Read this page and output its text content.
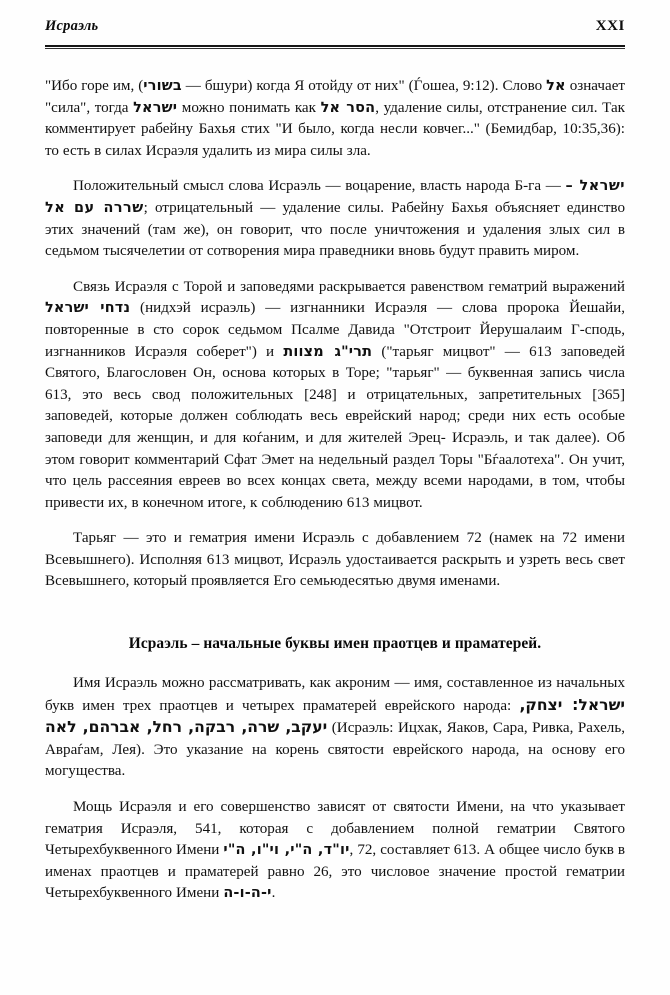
Исраэль	XXI

"Ибо горе им, (בשורי — бшури) когда Я отойду от них" (Ѓошеа, 9:12). Слово אל означает "сила", тогда ישראל можно понимать как הסר אל, удаление силы, отстранение сил. Так комментирует рабейну Бахья стих "И было, когда несли ковчег..." (Бемидбар, 10:35,36): то есть в силах Исраэля удалить из мира силы зла.

Положительный смысл слова Исраэль — воцарение, власть народа Б-га — ישראל – שררה עם אל; отрицательный — удаление силы. Рабейну Бахья объясняет единство этих значений (там же), он говорит, что после уничтожения и удаления злых сил в седьмом тысячелетии от сотворения мира праведники вновь будут править миром.

Связь Исраэля с Торой и заповедями раскрывается равенством гематрий выражений נדחי ישראל (нидхэй исраэль) — изгнанники Исраэля — слова пророка Йешайи, повторенные в сто сорок седьмом Псалме Давида "Отстроит Йерушалаим Г-сподь, изгнанников Исраэля соберет") и תרי"ג מצוות ("тарьяг мицвот" — 613 заповедей Святого, Благословен Он, основа которых в Торе; "тарьяг" — буквенная запись числа 613, это весь свод положительных [248] и отрицательных, запретительных [365] заповедей, которые должен соблюдать весь еврейский народ; среди них есть особые заповеди для женщин, и для коѓаним, и для жителей Эрец- Исраэль, и так далее). Об этом говорит комментарий Сфат Эмет на недельный раздел Торы "Бѓаалотеха". Он учит, что цель рассеяния евреев во всех концах света, между всеми народами, в том, чтобы привести их, в конечном итоге, к соблюдению 613 мицвот.

Тарьяг — это и гематрия имени Исраэль с добавлением 72 (намек на 72 имени Всевышнего). Исполняя 613 мицвот, Исраэль удостаивается раскрыть и узреть весь свет Всевышнего, который проявляется Его семьюдесятью двумя именами.

Исраэль – начальные буквы имен праотцев и праматерей.

Имя Исраэль можно рассматривать, как акроним — имя, составленное из начальных букв имен трех праотцев и четырех праматерей еврейского народа: ישראל: יצחק, יעקב, שרה, רבקה, רחל, אברהם, לאה (Исраэль: Ицхак, Яаков, Сара, Ривка, Рахель, Авраѓам, Лея). Это указание на корень святости еврейского народа, на основу его могущества.

Мощь Исраэля и его совершенство зависят от святости Имени, на что указывает гематрия Исраэля, 541, которая с добавлением полной гематрии Святого Четырехбуквенного Имени יו"ד, ה"י, וי"ו, ה"י, 72, составляет 613. А общее число букв в именах праотцев и праматерей равно 26, это числовое значение простой гематрии Четырехбуквенного Имени י-ה-ו-ה.
